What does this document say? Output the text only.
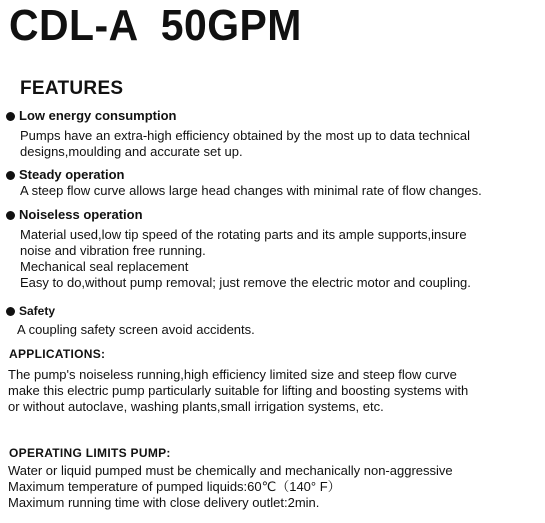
CDL-A  50GPM
FEATURES
Low energy consumption
Pumps have an extra-high efficiency obtained by the most up to data technical
designs,moulding and accurate set up.
Steady operation
A steep flow curve allows large head changes with minimal rate of flow changes.
Noiseless operation
Material used,low tip speed of the rotating parts and its ample supports,insure
noise and vibration free running.
Mechanical seal replacement
Easy to do,without pump removal; just remove the electric motor and coupling.
Safety
A coupling safety screen avoid accidents.
APPLICATIONS:
The pump's noiseless running,high efficiency limited size and steep flow curve
make this electric pump particularly suitable for lifting and boosting systems with
or without autoclave, washing plants,small irrigation systems, etc.
OPERATING LIMITS PUMP:
Water or liquid pumped must be chemically and mechanically non-aggressive
Maximum temperature of pumped liquids:60℃（140° F）
Maximum running time with close delivery outlet:2min.
